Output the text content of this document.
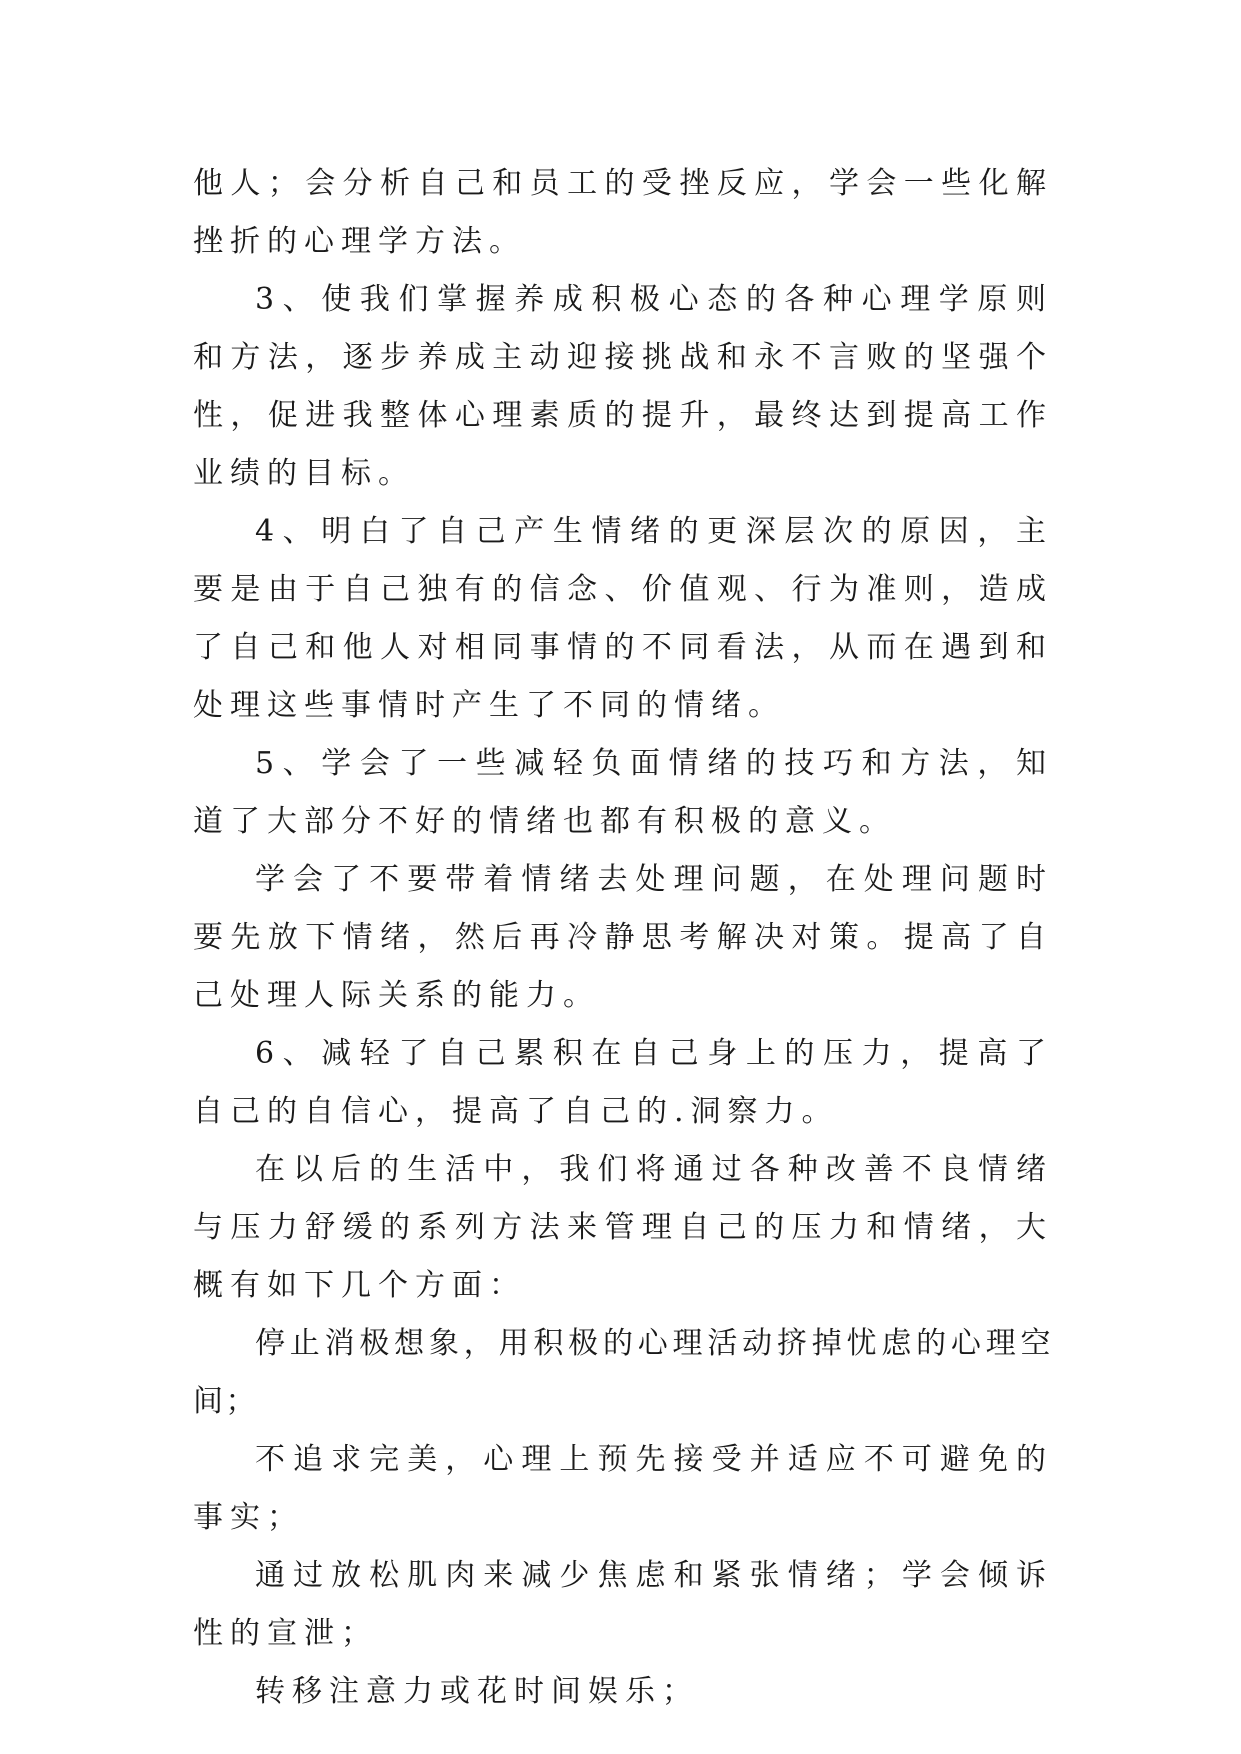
他人；会分析自己和员工的受挫反应，学会一些化解挫折的心理学方法。

3、使我们掌握养成积极心态的各种心理学原则和方法，逐步养成主动迎接挑战和永不言败的坚强个性，促进我整体心理素质的提升，最终达到提高工作业绩的目标。

4、明白了自己产生情绪的更深层次的原因，主要是由于自己独有的信念、价值观、行为准则，造成了自己和他人对相同事情的不同看法，从而在遇到和处理这些事情时产生了不同的情绪。

5、学会了一些减轻负面情绪的技巧和方法，知道了大部分不好的情绪也都有积极的意义。

学会了不要带着情绪去处理问题，在处理问题时要先放下情绪，然后再冷静思考解决对策。提高了自己处理人际关系的能力。

6、减轻了自己累积在自己身上的压力，提高了自己的自信心，提高了自己的.洞察力。

在以后的生活中，我们将通过各种改善不良情绪与压力舒缓的系列方法来管理自己的压力和情绪，大概有如下几个方面：

停止消极想象，用积极的心理活动挤掉忧虑的心理空间；

不追求完美，心理上预先接受并适应不可避免的事实；

通过放松肌肉来减少焦虑和紧张情绪；学会倾诉性的宣泄；

转移注意力或花时间娱乐；
